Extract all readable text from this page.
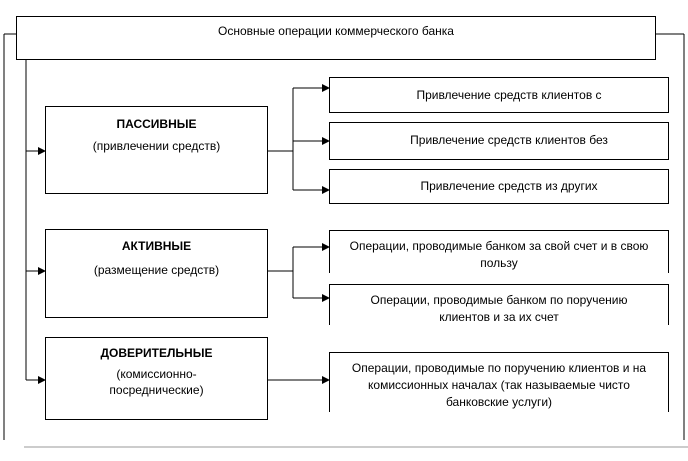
Основные операции коммерческого банка
ПАССИВНЫЕ
(привлечении средств)
АКТИВНЫЕ
(размещение средств)
ДОВЕРИТЕЛЬНЫЕ
(комиссионно-
посреднические)
Привлечение средств клиентов с
Привлечение средств клиентов без
Привлечение средств из других
Операции, проводимые банком за свой счет и в свою пользу
Операции, проводимые банком по поручению клиентов и за их счет
Операции, проводимые по поручению клиентов и на комиссионных началах (так называемые чисто банковские услуги)
